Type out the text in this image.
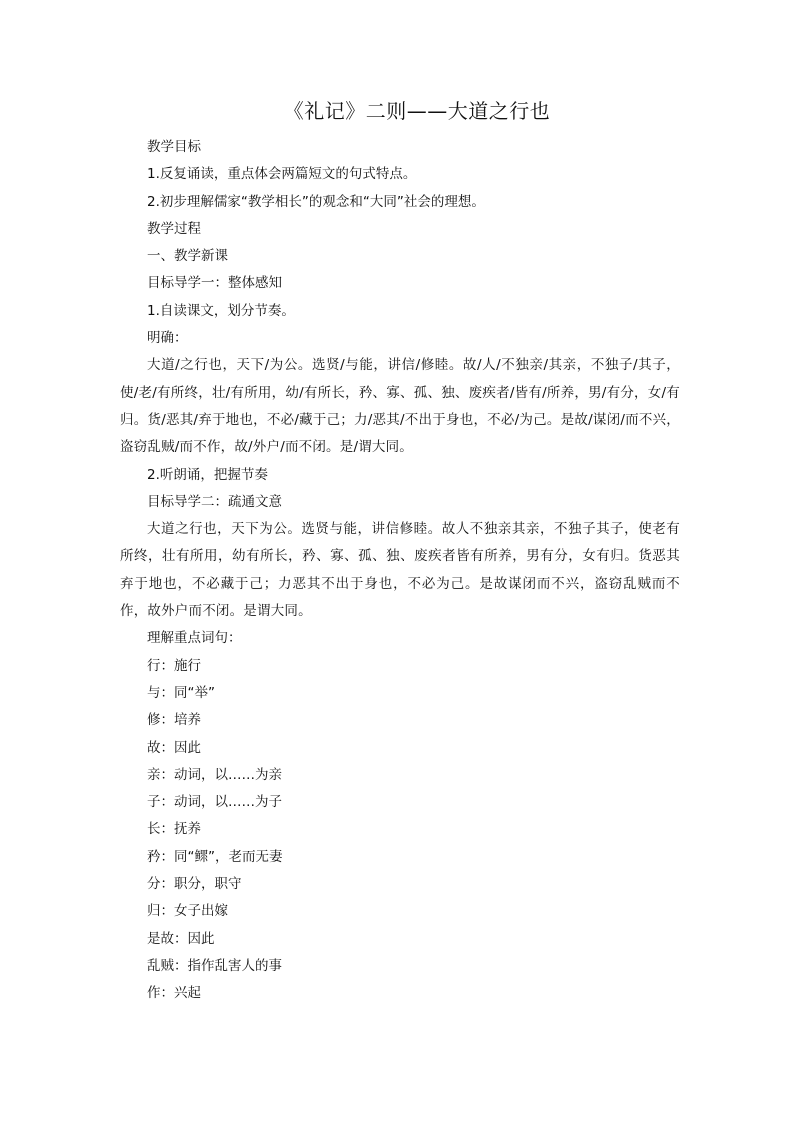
《礼记》二则——大道之行也
教学目标
1.反复诵读，重点体会两篇短文的句式特点。
2.初步理解儒家“教学相长”的观念和“大同”社会的理想。
教学过程
一、教学新课
目标导学一：整体感知
1.自读课文，划分节奏。
明确：
大道/之行也，天下/为公。选贤/与能，讲信/修睦。故/人/不独亲/其亲，不独子/其子，使/老/有所终，壮/有所用，幼/有所长，矜、寡、孤、独、废疾者/皆有/所养，男/有分，女/有归。货/恶其/弃于地也，不必/藏于己；力/恶其/不出于身也，不必/为己。是故/谋闭/而不兴，盗窃乱贼/而不作，故/外户/而不闭。是/谓大同。
2.听朗诵，把握节奏
目标导学二：疏通文意
大道之行也，天下为公。选贤与能，讲信修睦。故人不独亲其亲，不独子其子，使老有所终，壮有所用，幼有所长，矜、寡、孤、独、废疾者皆有所养，男有分，女有归。货恶其弃于地也，不必藏于己；力恶其不出于身也，不必为己。是故谋闭而不兴，盗窃乱贼而不作，故外户而不闭。是谓大同。
理解重点词句：
行：施行
与：同“举”
修：培养
故：因此
亲：动词，以……为亲
子：动词，以……为子
长：抚养
矜：同“鳏”，老而无妻
分：职分，职守
归：女子出嫁
是故：因此
乱贼：指作乱害人的事
作：兴起
